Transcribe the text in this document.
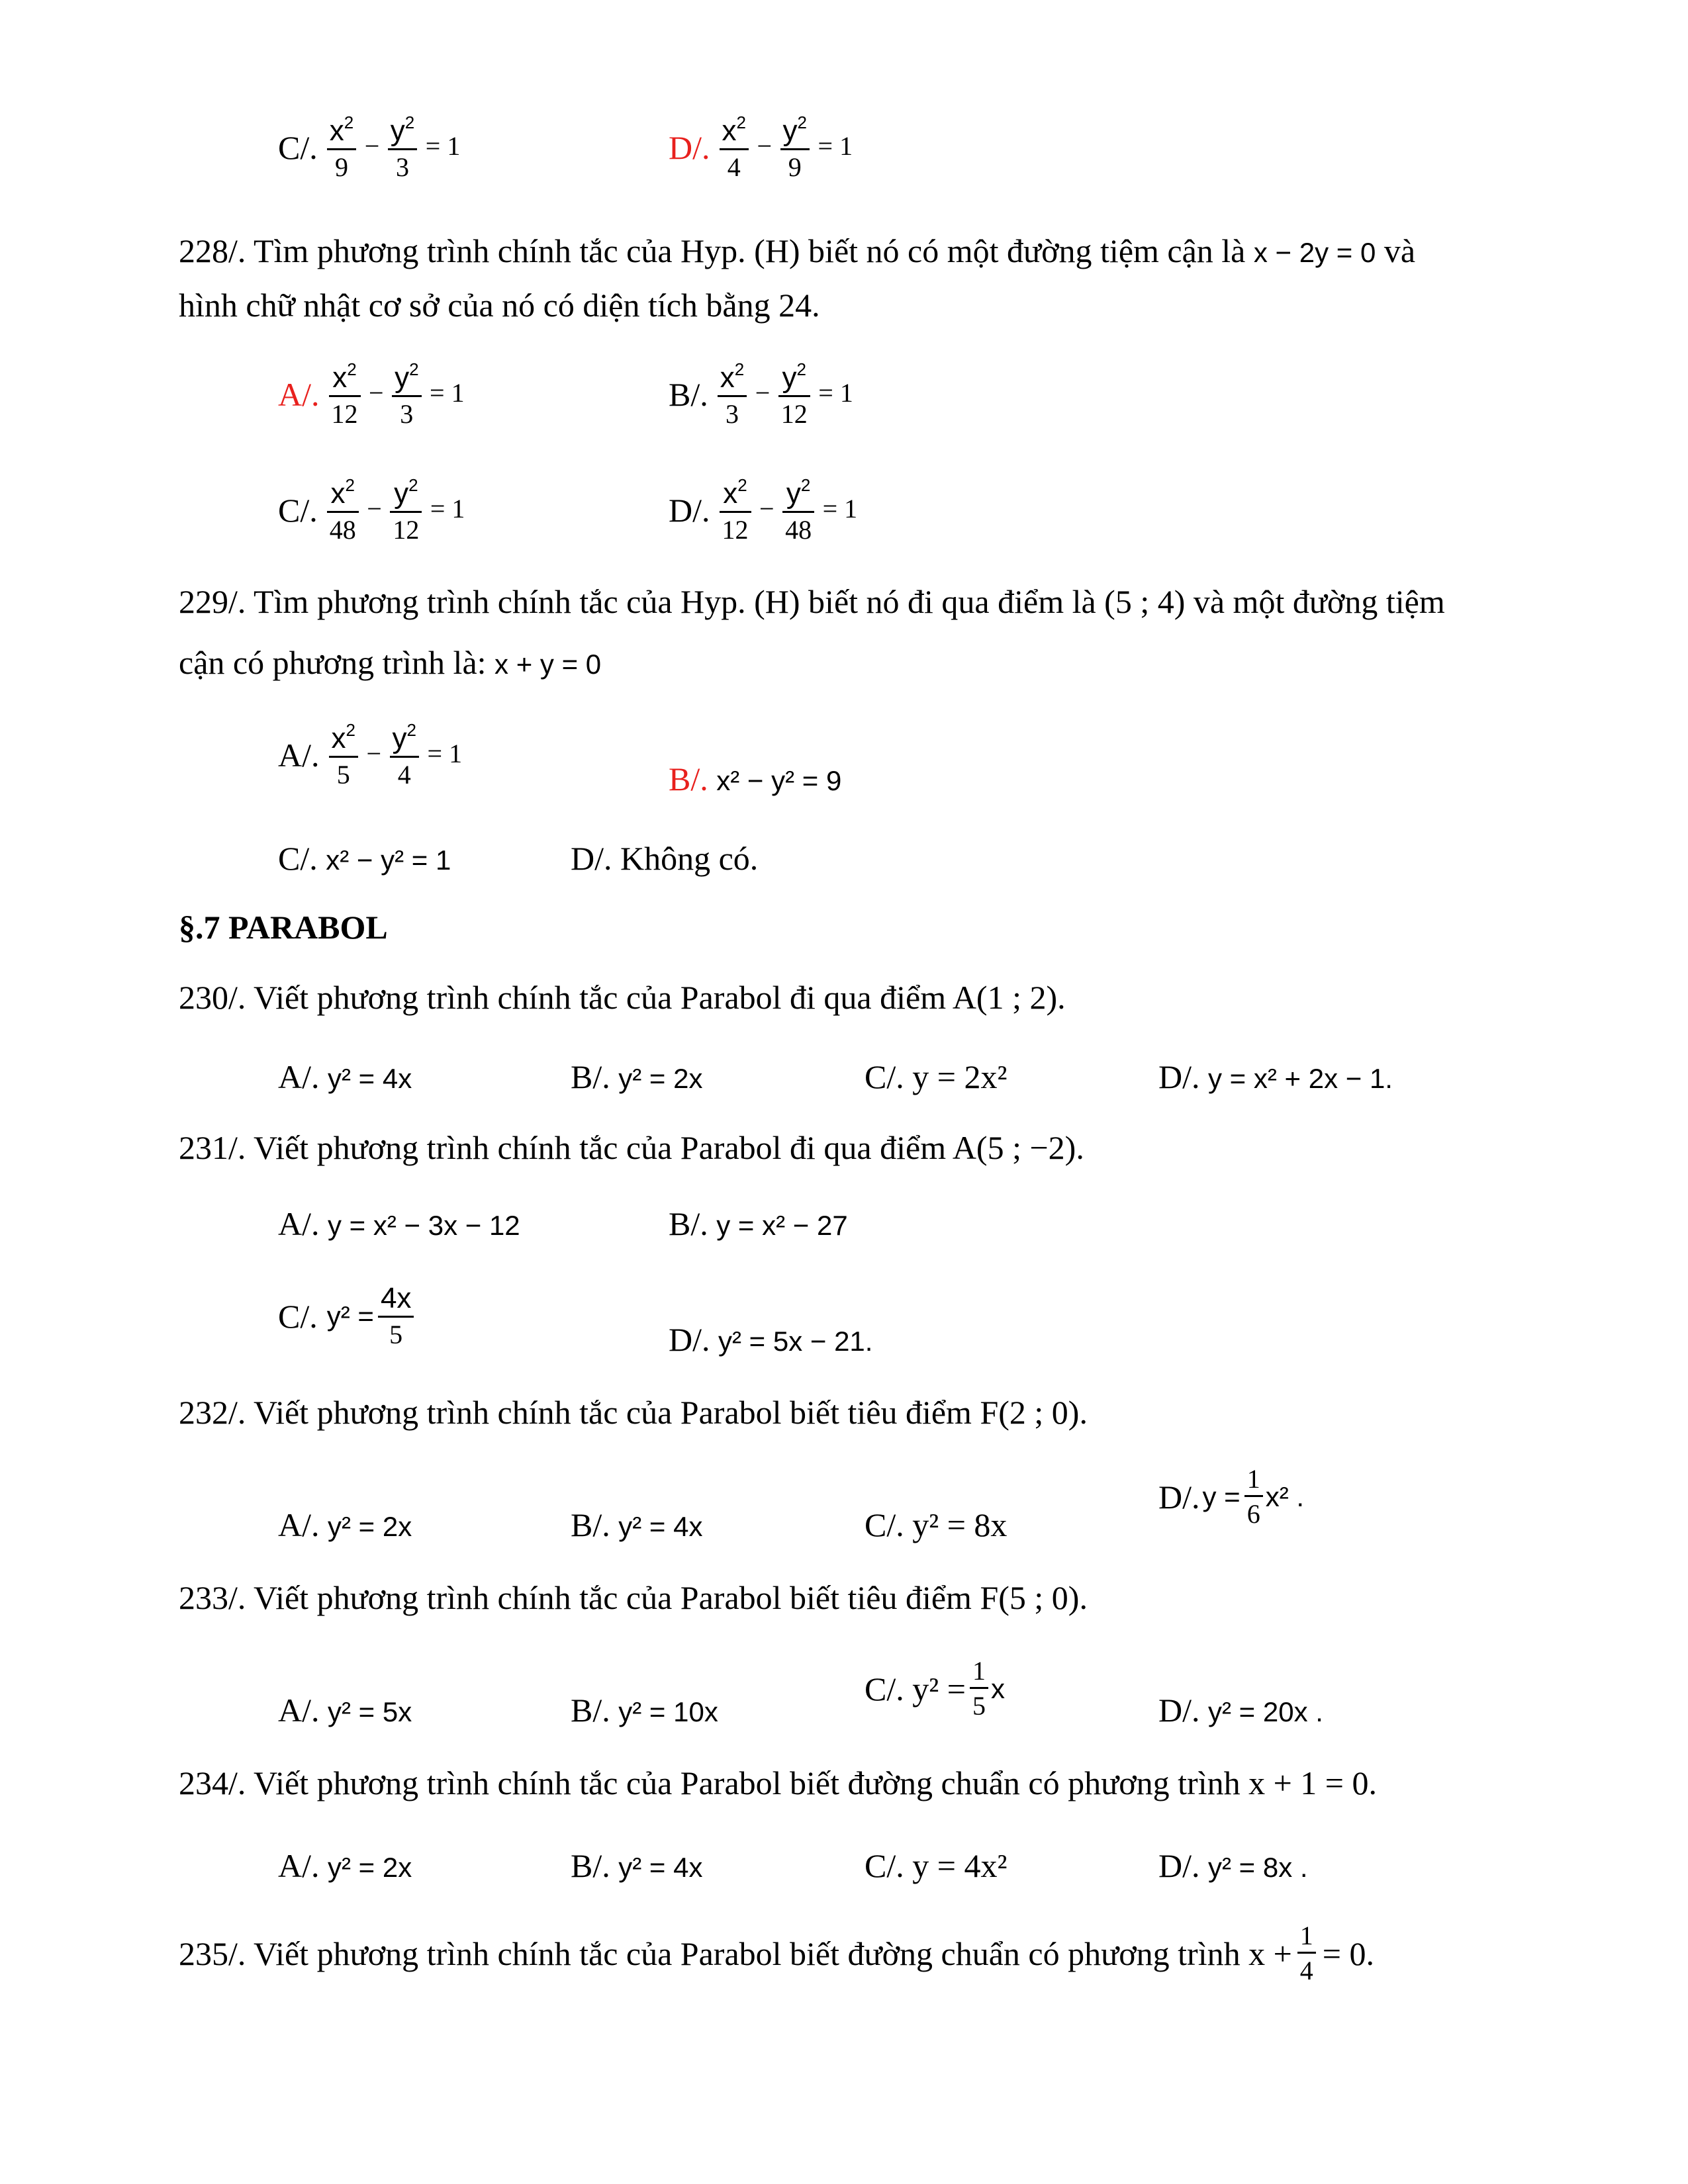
C/. $\frac{x^2}{9} - \frac{y^2}{3} = 1$	D/. $\frac{x^2}{4} - \frac{y^2}{9} = 1$
228/. Tìm phương trình chính tắc của Hyp. (H) biết nó có một đường tiệm cận là x − 2y = 0 và
hình chữ nhật cơ sở của nó có diện tích bằng 24.
A/. $\frac{x^2}{12} - \frac{y^2}{3} = 1$	B/. $\frac{x^2}{3} - \frac{y^2}{12} = 1$
C/. $\frac{x^2}{48} - \frac{y^2}{12} = 1$	D/. $\frac{x^2}{12} - \frac{y^2}{48} = 1$
229/. Tìm phương trình chính tắc của Hyp. (H) biết nó đi qua điểm là (5 ; 4) và một đường tiệm
cận có phương trình là: x + y = 0
A/. $\frac{x^2}{5} - \frac{y^2}{4} = 1$
B/. x² − y² = 9
C/. x² − y² = 1	D/. Không có.
§.7 PARABOL
230/. Viết phương trình chính tắc của Parabol đi qua điểm A(1 ; 2).
A/. y² = 4x	B/. y² = 2x	C/. y = 2x²	D/. y = x² + 2x − 1.
231/. Viết phương trình chính tắc của Parabol đi qua điểm A(5 ; −2).
A/. y = x² − 3x − 12	B/. y = x² − 27
C/. $y^2 = \frac{4x}{5}$	D/. y² = 5x − 21.
232/. Viết phương trình chính tắc của Parabol biết tiêu điểm F(2 ; 0).
A/. y² = 2x	B/. y² = 4x	C/. y² = 8x
D/. $y = \frac{1}{6} x^2$ .
233/. Viết phương trình chính tắc của Parabol biết tiêu điểm F(5 ; 0).
A/. y² = 5x	B/. y² = 10x
C/. $y^2 = \frac{1}{5}$ x
D/. y² = 20x .
234/. Viết phương trình chính tắc của Parabol biết đường chuẩn có phương trình x + 1 = 0.
A/. y² = 2x	B/. y² = 4x	C/. y = 4x²	D/. y² = 8x .
235/. Viết phương trình chính tắc của Parabol biết đường chuẩn có phương trình $x + \frac{1}{4} = 0$.
